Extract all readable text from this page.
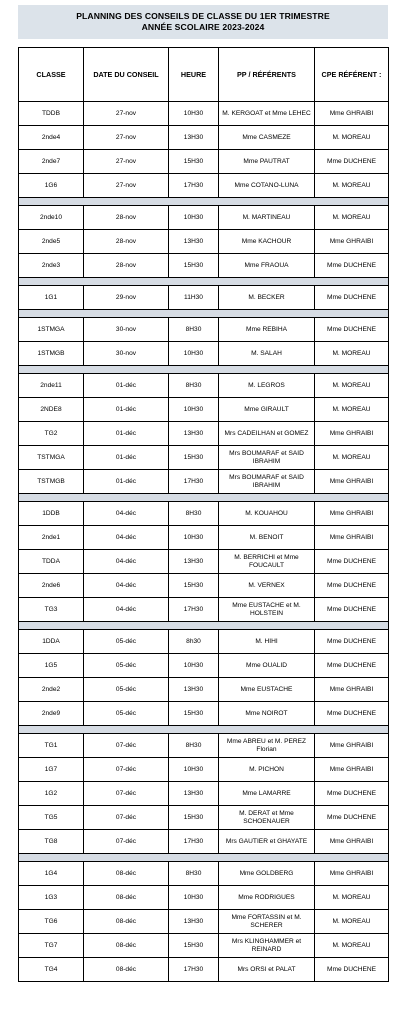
PLANNING DES CONSEILS DE CLASSE DU 1ER TRIMESTRE
ANNÉE SCOLAIRE 2023-2024
CLASSE	DATE DU CONSEIL	HEURE	PP / RÉFÉRENTS	CPE RÉFÉRENT :
TDDB	27-nov	10H30	M. KERGOAT et Mme LEHEC	Mme GHRAIBI
2nde4	27-nov	13H30	Mme CASMEZE	M. MOREAU
2nde7	27-nov	15H30	Mme PAUTRAT	Mme DUCHENE
1G6	27-nov	17H30	Mme COTANO-LUNA	M. MOREAU

2nde10	28-nov	10H30	M. MARTINEAU	M. MOREAU
2nde5	28-nov	13H30	Mme KACHOUR	Mme GHRAIBI
2nde3	28-nov	15H30	Mme FRAOUA	Mme DUCHENE

1G1	29-nov	11H30	M. BECKER	Mme DUCHENE

1STMGA	30-nov	8H30	Mme REBIHA	Mme DUCHENE
1STMGB	30-nov	10H30	M. SALAH	M. MOREAU

2nde11	01-déc	8H30	M. LEGROS	M. MOREAU
2NDE8	01-déc	10H30	Mme GIRAULT	M. MOREAU
TG2	01-déc	13H30	Mrs CADEILHAN et GOMEZ	Mme GHRAIBI
TSTMGA	01-déc	15H30	Mrs BOUMARAF et SAID IBRAHIM	M. MOREAU
TSTMGB	01-déc	17H30	Mrs BOUMARAF et SAID IBRAHIM	Mme GHRAIBI

1DDB	04-déc	8H30	M. KOUAHOU	Mme GHRAIBI
2nde1	04-déc	10H30	M. BENOIT	Mme GHRAIBI
TDDA	04-déc	13H30	M. BERRICHI et Mme FOUCAULT	Mme DUCHENE
2nde6	04-déc	15H30	M. VERNEX	Mme DUCHENE
TG3	04-déc	17H30	Mme EUSTACHE et M. HOLSTEIN	Mme DUCHENE

1DDA	05-déc	8h30	M. HIHI	Mme DUCHENE
1G5	05-déc	10H30	Mme OUALID	Mme DUCHENE
2nde2	05-déc	13H30	Mme EUSTACHE	Mme GHRAIBI
2nde9	05-déc	15H30	Mme NOIROT	Mme DUCHENE

TG1	07-déc	8H30	Mme ABREU et M. PEREZ Florian	Mme GHRAIBI
1G7	07-déc	10H30	M. PICHON	Mme GHRAIBI
1G2	07-déc	13H30	Mme LAMARRE	Mme DUCHENE
TG5	07-déc	15H30	M. DERAT et Mme SCHOENAUER	Mme DUCHENE
TG8	07-déc	17H30	Mrs GAUTIER et GHAYATE	Mme GHRAIBI

1G4	08-déc	8H30	Mme GOLDBERG	Mme GHRAIBI
1G3	08-déc	10H30	Mme RODRIGUES	M. MOREAU
TG6	08-déc	13H30	Mme FORTASSIN et M. SCHERER	M. MOREAU
TG7	08-déc	15H30	Mrs KLINGHAMMER et REINARD	M. MOREAU
TG4	08-déc	17H30	Mrs ORSI et PALAT	Mme DUCHENE
